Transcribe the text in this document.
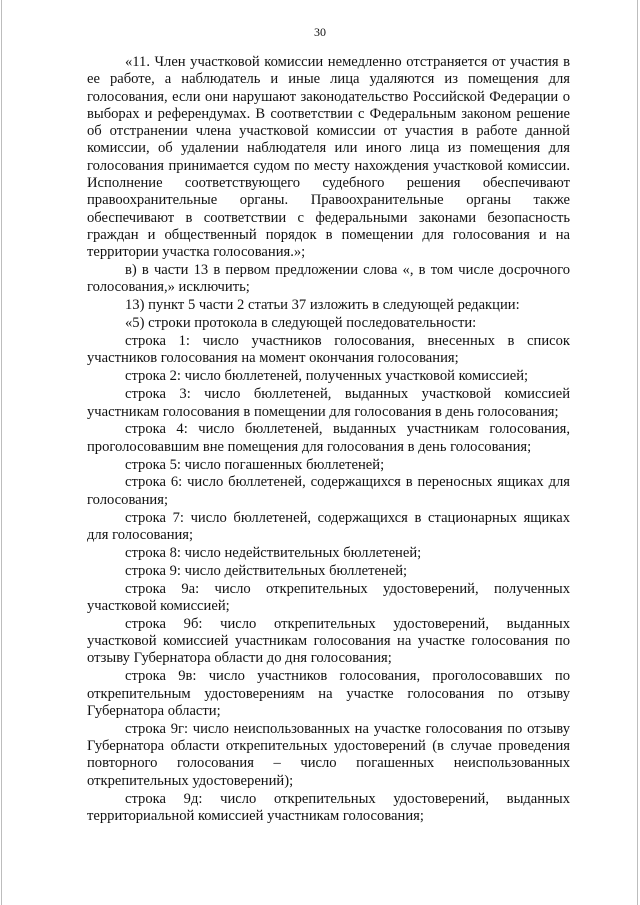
30

«11. Член участковой комиссии немедленно отстраняется от участия в ее работе, а наблюдатель и иные лица удаляются из помещения для голосования, если они нарушают законодательство Российской Федерации о выборах и референдумах. В соответствии с Федеральным законом решение об отстранении члена участковой комиссии от участия в работе данной комиссии, об удалении наблюдателя или иного лица из помещения для голосования принимается судом по месту нахождения участковой комиссии. Исполнение соответствующего судебного решения обеспечивают правоохранительные органы. Правоохранительные органы также обеспечивают в соответствии с федеральными законами безопасность граждан и общественный порядок в помещении для голосования и на территории участка голосования.»;

в) в части 13 в первом предложении слова «, в том числе досрочного голосования,» исключить;

13) пункт 5 части 2 статьи 37 изложить в следующей редакции:

«5) строки протокола в следующей последовательности:

строка 1: число участников голосования, внесенных в список участников голосования на момент окончания голосования;

строка 2: число бюллетеней, полученных участковой комиссией;

строка 3: число бюллетеней, выданных участковой комиссией участникам голосования в помещении для голосования в день голосования;

строка 4: число бюллетеней, выданных участникам голосования, проголосовавшим вне помещения для голосования в день голосования;

строка 5: число погашенных бюллетеней;

строка 6: число бюллетеней, содержащихся в переносных ящиках для голосования;

строка 7: число бюллетеней, содержащихся в стационарных ящиках для голосования;

строка 8: число недействительных бюллетеней;

строка 9: число действительных бюллетеней;

строка 9а: число открепительных удостоверений, полученных участковой комиссией;

строка 9б: число открепительных удостоверений, выданных участковой комиссией участникам голосования на участке голосования по отзыву Губернатора области до дня голосования;

строка 9в: число участников голосования, проголосовавших по открепительным удостоверениям на участке голосования по отзыву Губернатора области;

строка 9г: число неиспользованных на участке голосования по отзыву Губернатора области открепительных удостоверений (в случае проведения повторного голосования – число погашенных неиспользованных открепительных удостоверений);

строка 9д: число открепительных удостоверений, выданных территориальной комиссией участникам голосования;
